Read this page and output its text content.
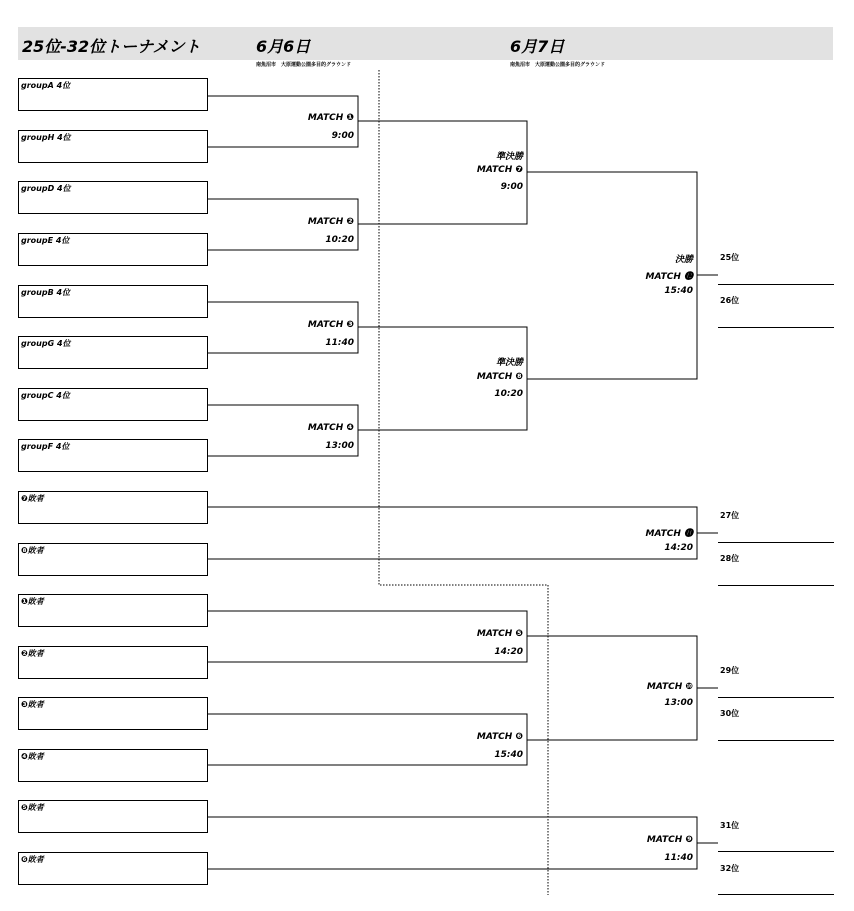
25位-32位トーナメント	6月6日	6月7日
南魚沼市　大原運動公園多目的グラウンド	南魚沼市　大原運動公園多目的グラウンド
groupA 4位
groupH 4位
groupD 4位
groupE 4位
groupB 4位
groupG 4位
groupC 4位
groupF 4位
❼敗者
❽敗者
❶敗者
❷敗者
❸敗者
❹敗者
❺敗者
❻敗者
MATCH ❶
9:00
MATCH ❷
10:20
MATCH ❸
11:40
MATCH ❹
13:00
準決勝
MATCH ❼
9:00
準決勝
MATCH ❽
10:20
決勝
MATCH ⓬
15:40
MATCH ⓫
14:20
MATCH ❺
14:20
MATCH ❻
15:40
MATCH ❿
13:00
MATCH ❾
11:40
25位
26位
27位
28位
29位
30位
31位
32位
